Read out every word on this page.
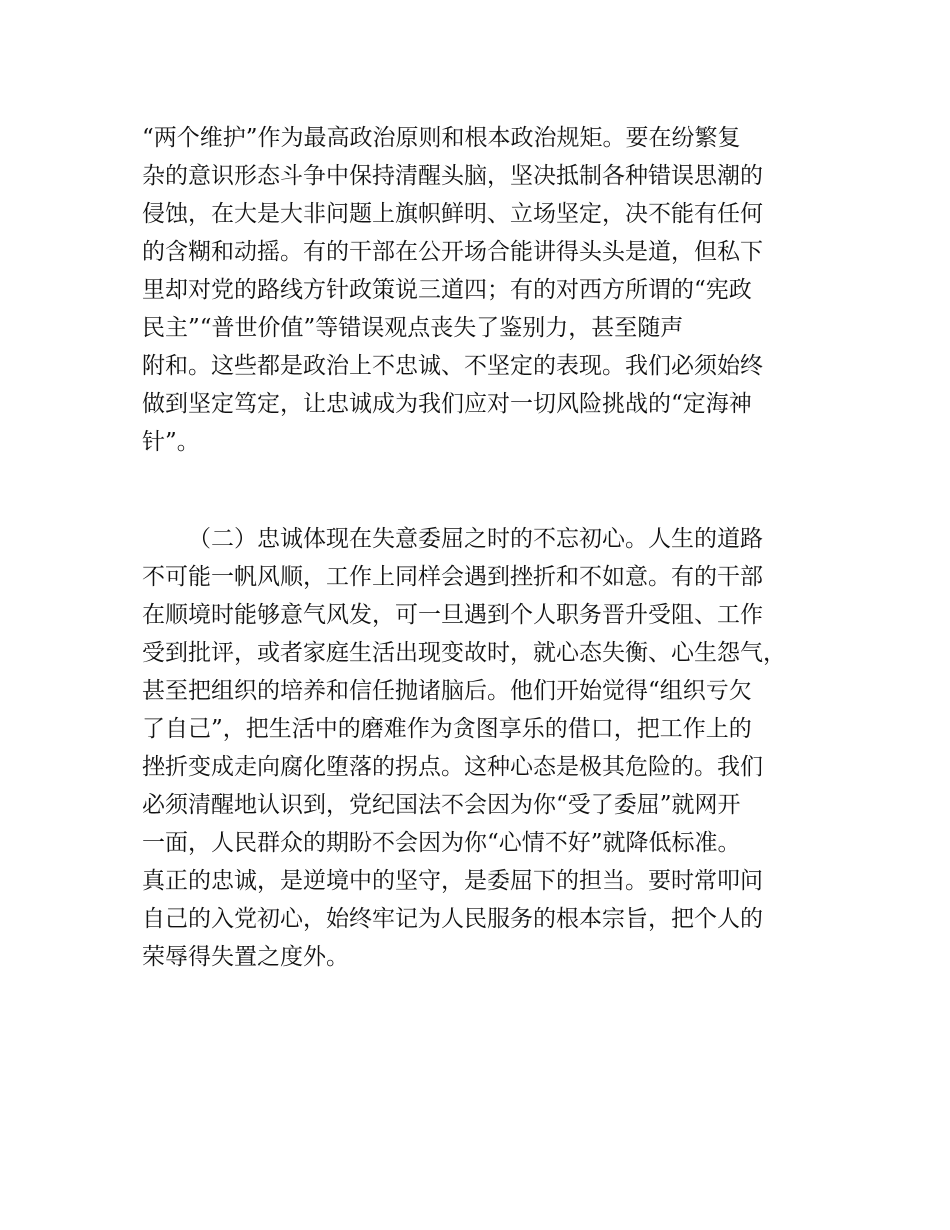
“两个维护”作为最高政治原则和根本政治规矩。要在纷繁复
杂的意识形态斗争中保持清醒头脑，坚决抵制各种错误思潮的
侵蚀，在大是大非问题上旗帜鲜明、立场坚定，决不能有任何
的含糊和动摇。有的干部在公开场合能讲得头头是道，但私下
里却对党的路线方针政策说三道四；有的对西方所谓的“宪政
民主”“普世价值”等错误观点丧失了鉴别力，甚至随声
附和。这些都是政治上不忠诚、不坚定的表现。我们必须始终
做到坚定笃定，让忠诚成为我们应对一切风险挑战的“定海神
针”。
（二）忠诚体现在失意委屈之时的不忘初心。人生的道路
不可能一帆风顺，工作上同样会遇到挫折和不如意。有的干部
在顺境时能够意气风发，可一旦遇到个人职务晋升受阻、工作
受到批评，或者家庭生活出现变故时，就心态失衡、心生怨气，
甚至把组织的培养和信任抛诸脑后。他们开始觉得“组织亏欠
了自己”，把生活中的磨难作为贪图享乐的借口，把工作上的
挫折变成走向腐化堕落的拐点。这种心态是极其危险的。我们
必须清醒地认识到，党纪国法不会因为你“受了委屈”就网开
一面，人民群众的期盼不会因为你“心情不好”就降低标准。
真正的忠诚，是逆境中的坚守，是委屈下的担当。要时常叩问
自己的入党初心，始终牢记为人民服务的根本宗旨，把个人的
荣辱得失置之度外。
